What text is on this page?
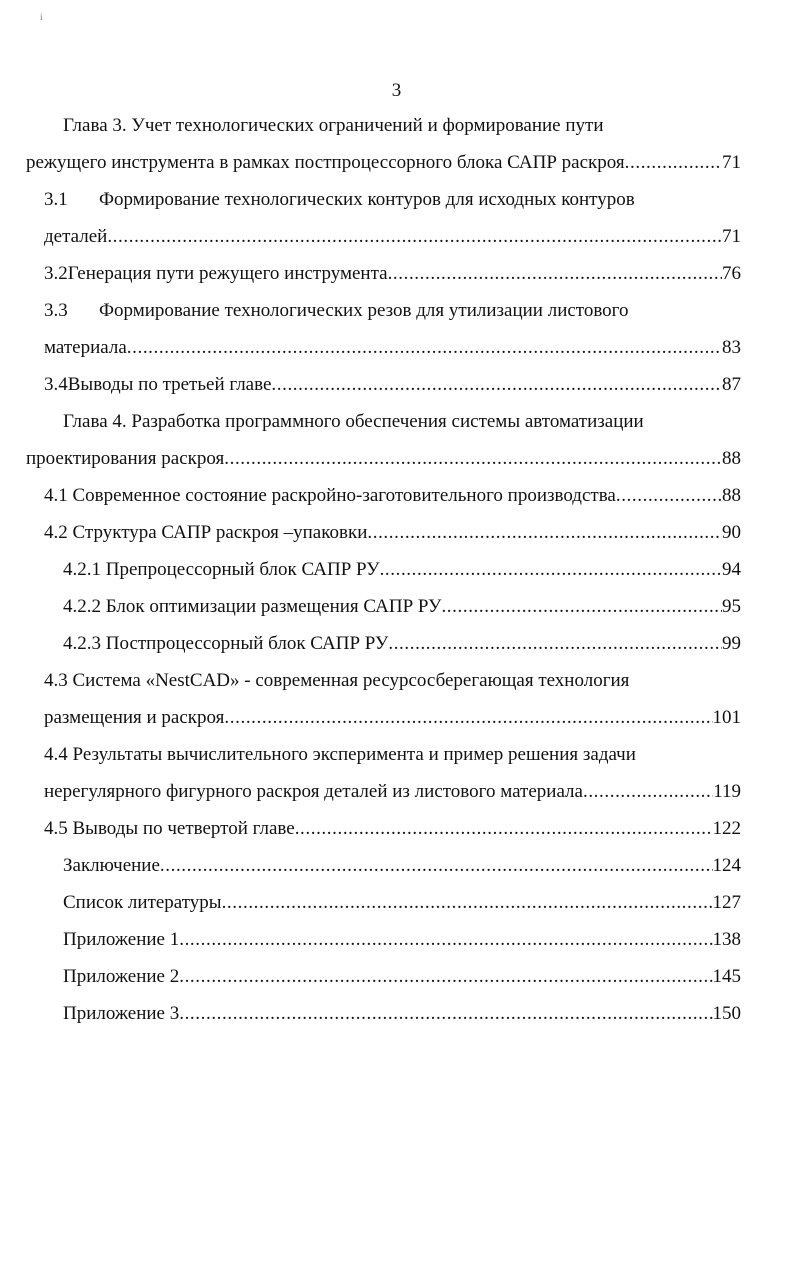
i
3
Глава 3. Учет технологических ограничений и формирование пути
режущего инструмента в рамках постпроцессорного блока САПР раскроя .....	71
3.1	Формирование технологических контуров для исходных контуров
деталей .....	71
3.2 Генерация пути режущего инструмента .....	76
3.3	Формирование технологических резов для утилизации листового
материала .....	83
3.4 Выводы по третьей главе .....	87
Глава 4. Разработка программного обеспечения системы автоматизации
проектирования раскроя .....	88
4.1 Современное состояние раскройно-заготовительного производства .....	88
4.2 Структура САПР раскроя –упаковки .....	90
4.2.1 Препроцессорный блок САПР РУ .....	94
4.2.2 Блок оптимизации размещения САПР РУ .....	95
4.2.3 Постпроцессорный блок САПР РУ .....	99
4.3 Система «NestCAD» - современная ресурсосберегающая технология
размещения и раскроя .....	101
4.4 Результаты вычислительного эксперимента и пример решения задачи
нерегулярного фигурного раскроя деталей из листового материала .....	119
4.5 Выводы по четвертой главе .....	122
Заключение .....	124
Список литературы .....	127
Приложение 1 .....	138
Приложение 2 .....	145
Приложение 3 .....	150
